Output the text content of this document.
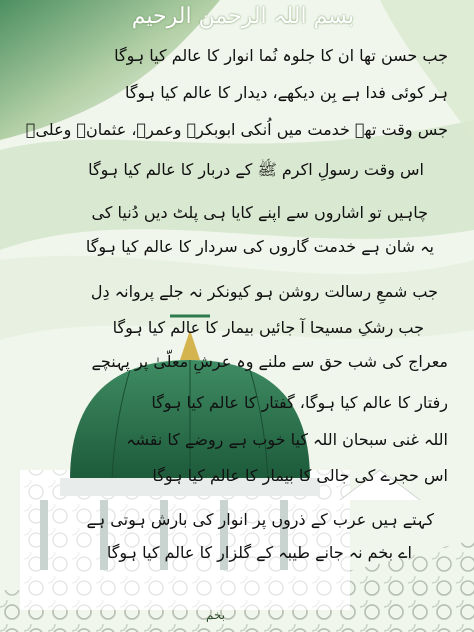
بسم اللہ الرحمن الرحیم
جب حسن تھا ان کا جلوہ نُما انوار کا عالم کیا ہوگا
ہر کوئی فدا ہے بِن دیکھے، دیدار کا عالم کیا ہوگا
جس وقت تھے خدمت میں اُنکی ابوبکرؓ وعمرؓ، عثمانؓ وعلیؓ
اس وقت رسولِ اکرم ﷺ کے دربار کا عالم کیا ہوگا
چاہیں تو اشاروں سے اپنے کایا ہی پلٹ دیں دُنیا کی
یہ شان ہے خدمت گاروں کی سردار کا عالم کیا ہوگا
جب شمعِ رسالت روشن ہو کیونکر نہ جلے پروانہ دِل
جب رشکِ مسیحا آ جائیں بیمار کا عالم کیا ہوگا
معراج کی شب حق سے ملنے وہ عرشِ معلّیٰ پر پہنچے
رفتار کا عالم کیا ہوگا، گفتار کا عالم کیا ہوگا
اللہ غنی سبحان اللہ کیا خوب ہے روضے کا نقشہ
اس حجرے کی جالی کا بیمار کا عالم کیا ہوگا
کہتے ہیں عرب کے ذروں پر انوار کی بارش ہوتی ہے
اے بخم نہ جانے طیبہ کے گلزار کا عالم کیا ہوگا
بخم
